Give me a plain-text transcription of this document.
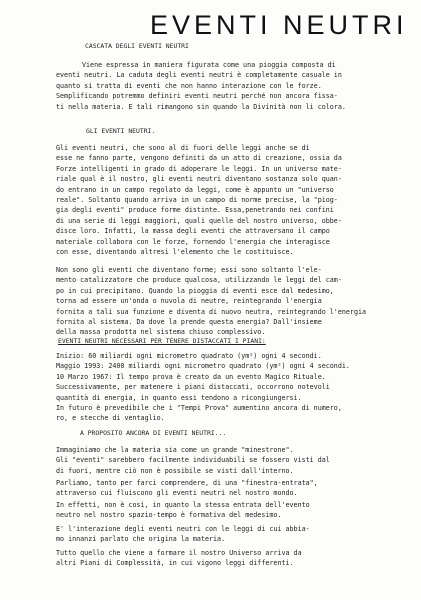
EVENTI NEUTRI
CASCATA DEGLI EVENTI NEUTRI
Viene espressa in maniera figurata come una pioggia composta di
eventi neutri. La caduta degli eventi neutri è completamente casuale in
quanto si tratta di eventi che non hanno interazione con le forze.
Semplificando potremmo definiri eventi neutri perché non ancora fissa-
ti nella materia. E tali rimangono sin quando la Divinità non li colora.
GLI EVENTI NEUTRI.
Gli eventi neutri, che sono al di fuori delle leggi anche se di
esse ne fanno parte, vengono definiti da un atto di creazione, ossia da
Forze intelligenti in grado di adoperare le leggi. In un universo mate-
riale qual è il nostro, gli eventi neutri diventano sostanza solo quan-
do entrano in un campo regolato da leggi, come è appunto un "universo
reale". Soltanto quando arriva in un campo di norme precise, la "piog-
gia degli eventi" produce forme distinte. Essa,penetrando nei confini
di una serie di leggi maggiori, quali quelle del nostro universo, obbe-
disce loro. Infatti, la massa degli eventi che attraversano il campo
materiale collabora con le forze, fornendo l'energia che interagisce
con esse, diventando altresì l'elemento che le costituisce.
Non sono gli eventi che diventano forme; essi sono soltanto l'ele-
mento catalizzatore che produce qualcosa, utilizzando le leggi del cam-
po in cui precipitano. Quando la pioggia di eventi esce dal medesimo,
torna ad essere un'onda o nuvola di neutre, reintegrando l'energia
fornita a tali sua funzione e diventa di nuovo neutra, reintegrando l'energia
fornita al sistema. Da dove la prende questa energia? Dall'insieme
della massa prodotta nel sistema chiuso complessivo.
EVENTI NEUTRI NECESSARI PER TENERE DISTACCATI I PIANI:
Inizio: 60 miliardi ogni micrometro quadrato (ym²) ogni 4 secondi.
Maggio 1993: 2400 miliardi ogni micrometro quadrato (ym²) ogni 4 secondi.
10 Marzo 1967: Il tempo prova è creato da un evento Magico Rituale.
Successivamente, per matenere i piani distaccati, occorrono notevoli
quantità di energia, in quanto essi tendono a ricongiungersi.
In futuro è prevedibile che i "Tempi Prova" aumentino ancora di numero,
ro, e stecche di ventaglio.
A PROPOSITO ANCORA DI EVENTI NEUTRI...
Immaginiamo che la materia sia come un grande "minestrone".
Gli "eventi" sarebbero facilmente individuabili se fossero visti dal
di fuori, mentre ciò non è possibile se visti dall'interno.
Parliamo, tanto per farci comprendere, di una "finestra-entrata",
attraverso cui fluiscono gli eventi neutri nel nostro mondo.
In effetti, non è così, in quanto la stessa entrata dell'evento
neutro nel nostro spazio-tempo è formativa del medesimo.
E' l'interazione degli eventi neutri con le leggi di cui abbia-
mo innanzi parlato che origina la materia.
Tutto quello che viene a formare il nostro Universo arriva da
altri Piani di Complessità, in cui vigono leggi differenti.
